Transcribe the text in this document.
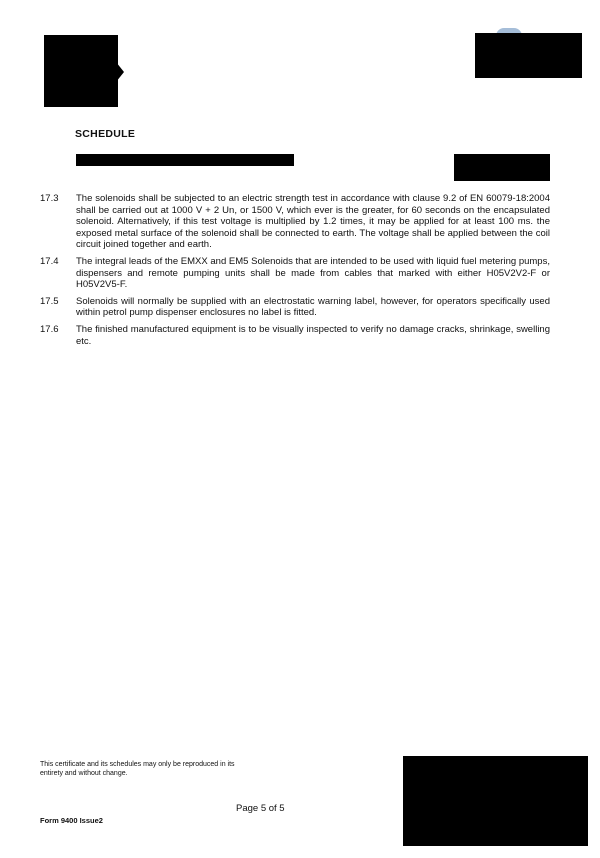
SCHEDULE
17.3	The solenoids shall be subjected to an electric strength test in accordance with clause 9.2 of EN 60079-18:2004 shall be carried out at 1000 V + 2 Un, or 1500 V, which ever is the greater, for 60 seconds on the encapsulated solenoid. Alternatively, if this test voltage is multiplied by 1.2 times, it may be applied for at least 100 ms. the exposed metal surface of the solenoid shall be connected to earth. The voltage shall be applied between the coil circuit joined together and earth.
17.4	The integral leads of the EMXX and EM5 Solenoids that are intended to be used with liquid fuel metering pumps, dispensers and remote pumping units shall be made from cables that marked with either H05V2V2-F or H05V2V5-F.
17.5	Solenoids will normally be supplied with an electrostatic warning label, however, for operators specifically used within petrol pump dispenser enclosures no label is fitted.
17.6	The finished manufactured equipment is to be visually inspected to verify no damage cracks, shrinkage, swelling etc.
This certificate and its schedules may only be reproduced in its entirety and without change.
Page 5 of 5
Form 9400 Issue2
